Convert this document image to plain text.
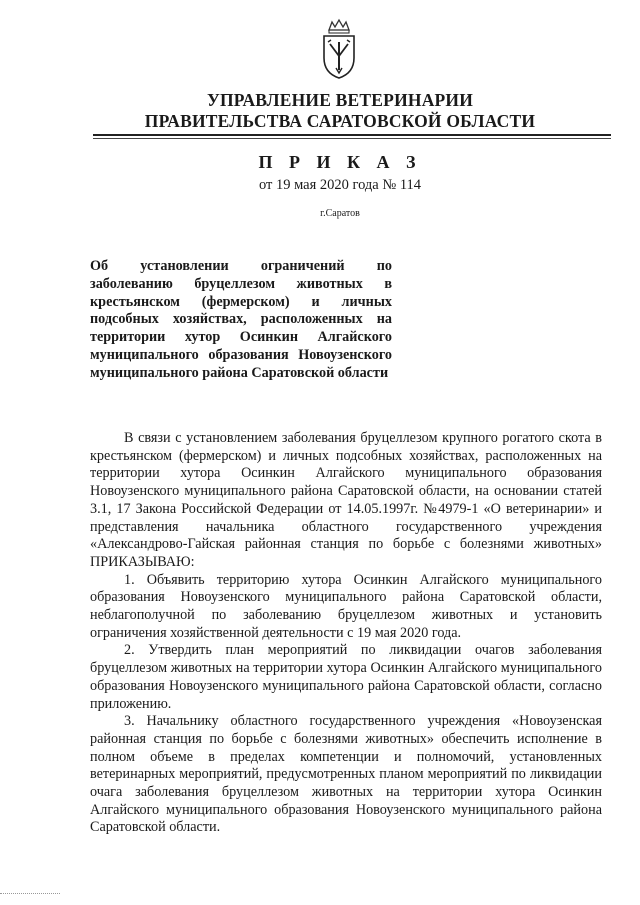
УПРАВЛЕНИЕ ВЕТЕРИНАРИИ
ПРАВИТЕЛЬСТВА САРАТОВСКОЙ ОБЛАСТИ
П Р И К А З

от 19 мая 2020 года № 114

г.Саратов

Об установлении ограничений по заболеванию бруцеллезом животных в крестьянском (фермерском) и личных подсобных хозяйствах, расположенных на территории хутор Осинкин Алгайского муниципального образования Новоузенского муниципального района Саратовской области

В связи с установлением заболевания бруцеллезом крупного рогатого скота в крестьянском (фермерском) и личных подсобных хозяйствах, расположенных на территории хутора Осинкин Алгайского муниципального образования Новоузенского муниципального района Саратовской области, на основании статей 3.1, 17 Закона Российской Федерации от 14.05.1997г. №4979-1 «О ветеринарии» и представления начальника областного государственного учреждения «Александрово-Гайская районная станция по борьбе с болезнями животных» ПРИКАЗЫВАЮ:

1. Объявить территорию хутора Осинкин Алгайского муниципального образования Новоузенского муниципального района Саратовской области, неблагополучной по заболеванию бруцеллезом животных и установить ограничения хозяйственной деятельности с 19 мая 2020 года.

2. Утвердить план мероприятий по ликвидации очагов заболевания бруцеллезом животных на территории хутора Осинкин Алгайского муниципального образования Новоузенского муниципального района Саратовской области, согласно приложению.

3. Начальнику областного государственного учреждения «Новоузенская районная станция по борьбе с болезнями животных» обеспечить исполнение в полном объеме в пределах компетенции и полномочий, установленных ветеринарных мероприятий, предусмотренных планом мероприятий по ликвидации очага заболевания бруцеллезом животных на территории хутора Осинкин Алгайского муниципального образования Новоузенского муниципального района Саратовской области.
